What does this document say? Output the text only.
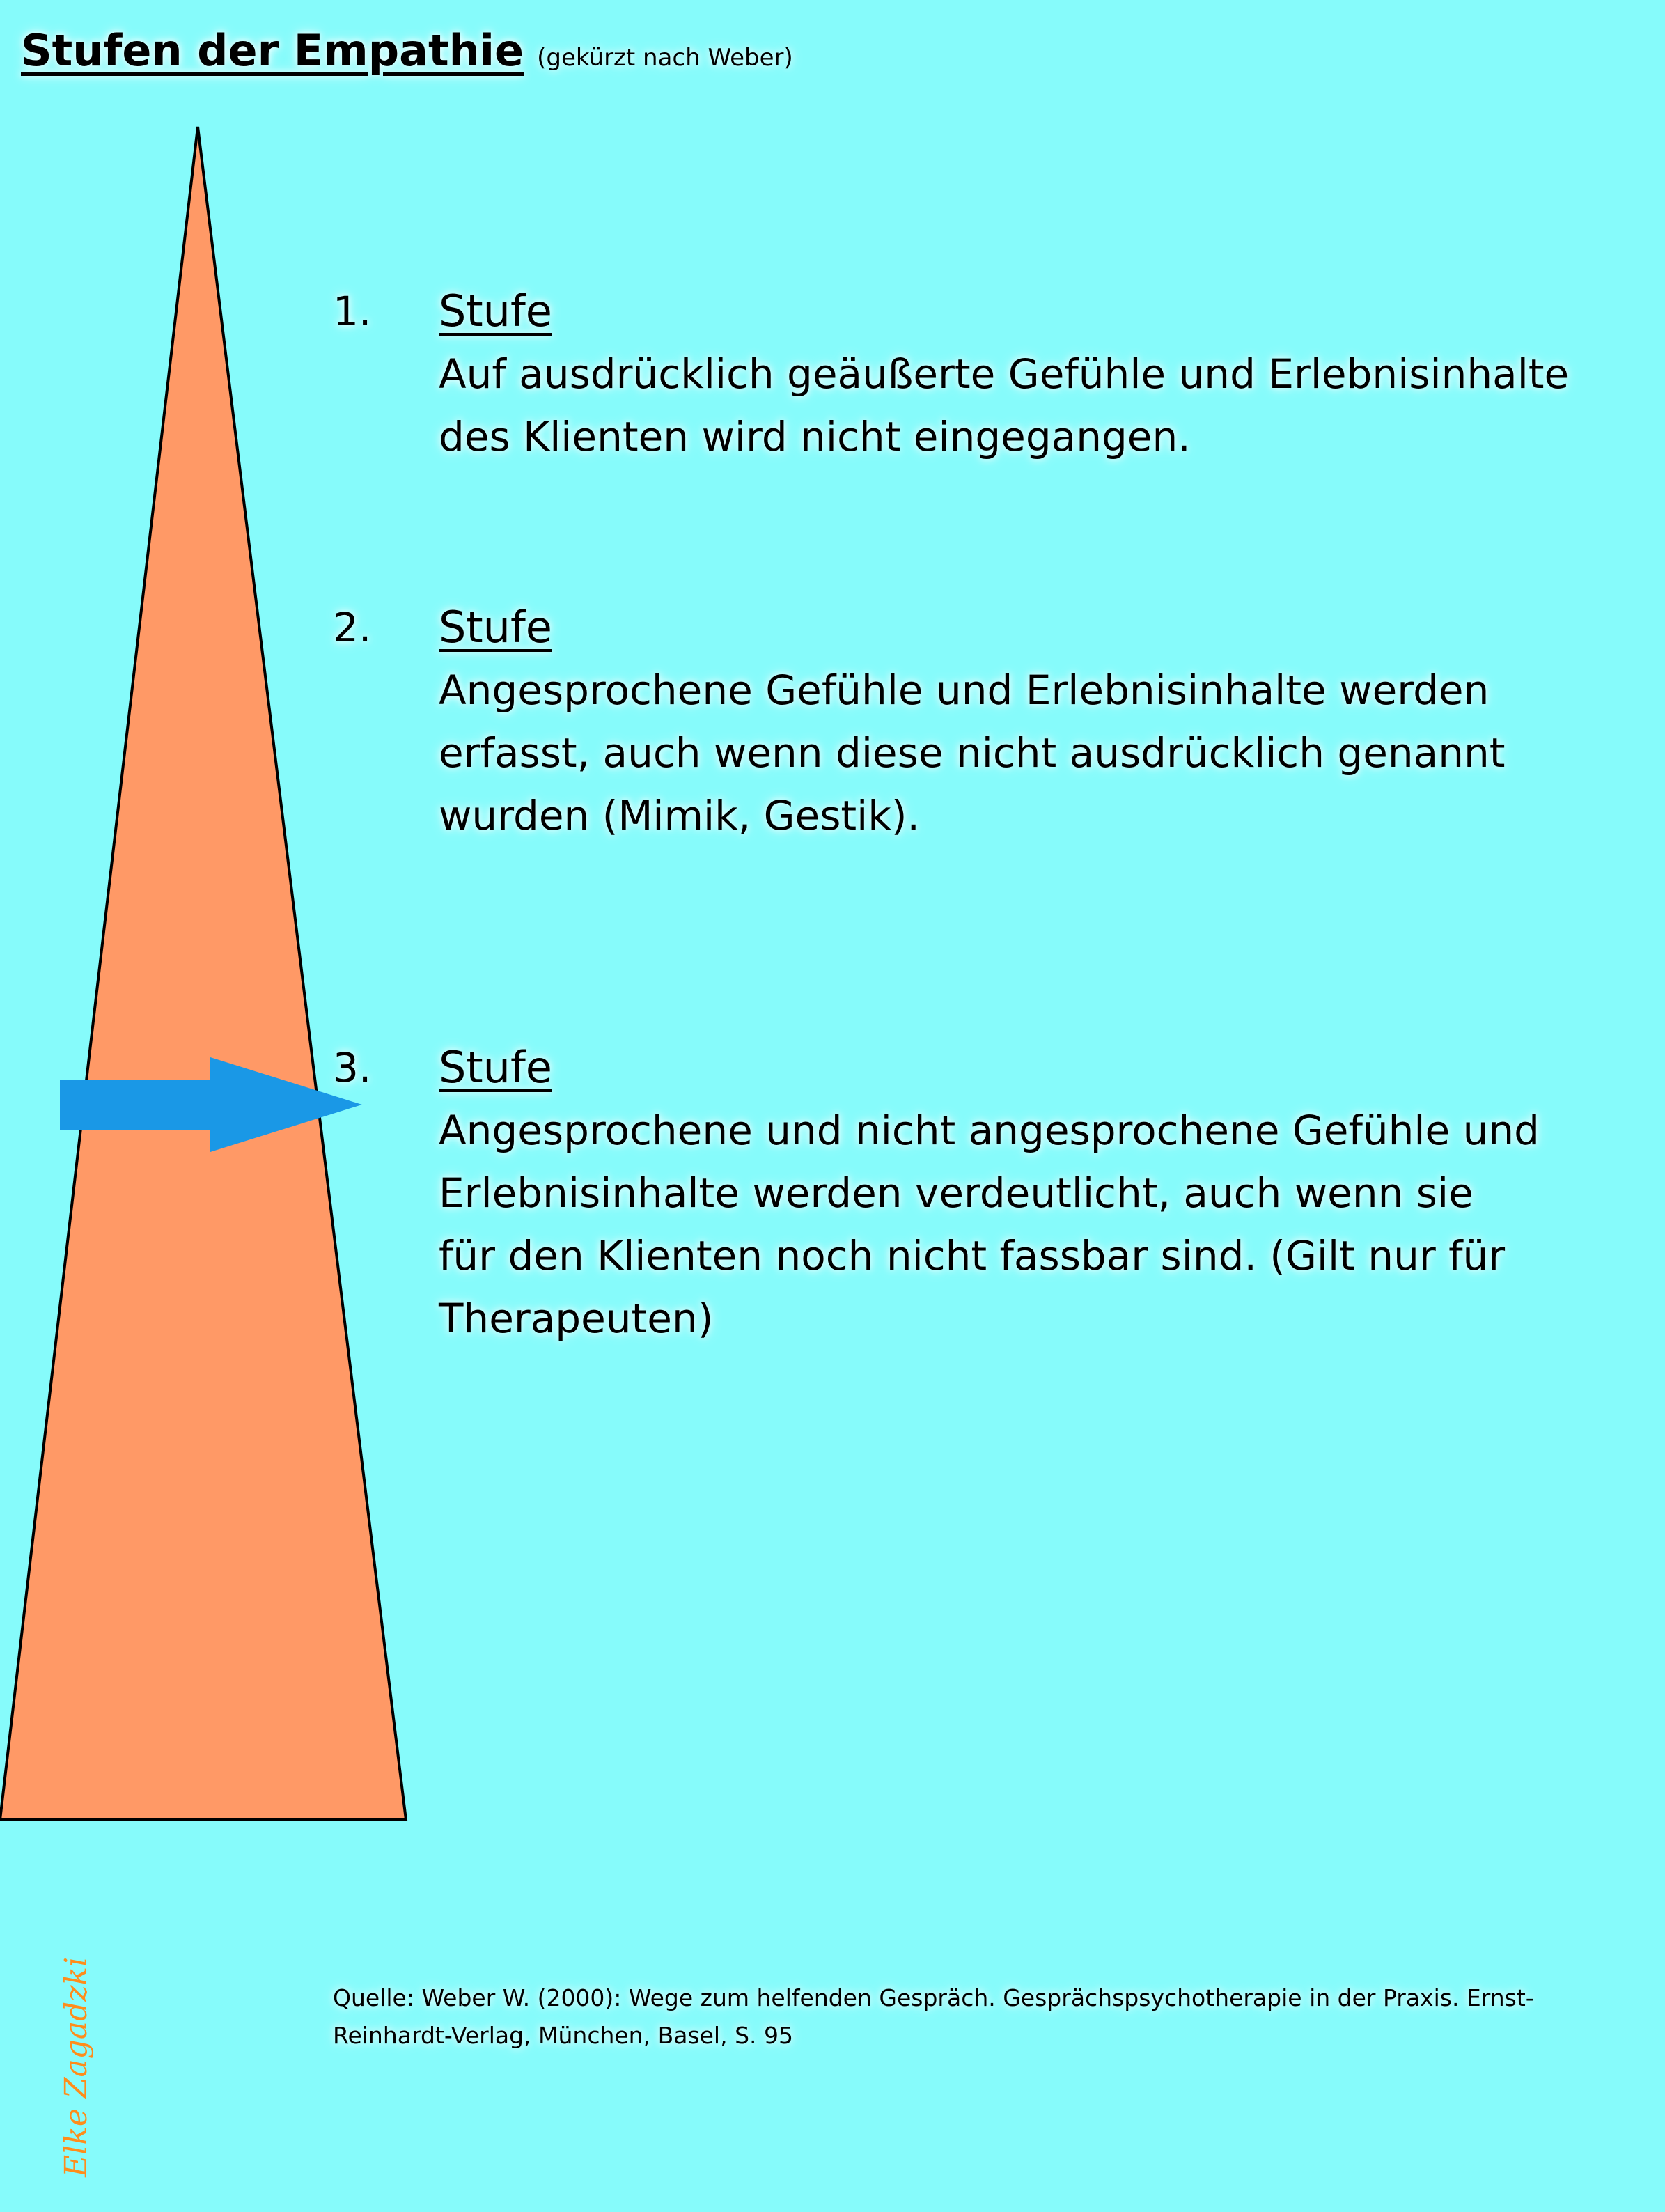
Stufen der Empathie (gekürzt nach Weber)
1. Stufe
Auf ausdrücklich geäußerte Gefühle und Erlebnisinhalte
des Klienten wird nicht eingegangen.
2. Stufe
Angesprochene Gefühle und Erlebnisinhalte werden
erfasst, auch wenn diese nicht ausdrücklich genannt
wurden (Mimik, Gestik).
3. Stufe
Angesprochene und nicht angesprochene Gefühle und
Erlebnisinhalte werden verdeutlicht, auch wenn sie
für den Klienten noch nicht fassbar sind. (Gilt nur für
Therapeuten)
Quelle: Weber W. (2000): Wege zum helfenden Gespräch. Gesprächspsychotherapie in der Praxis. Ernst-Reinhardt-Verlag, München, Basel, S. 95
Elke Zagadzki
